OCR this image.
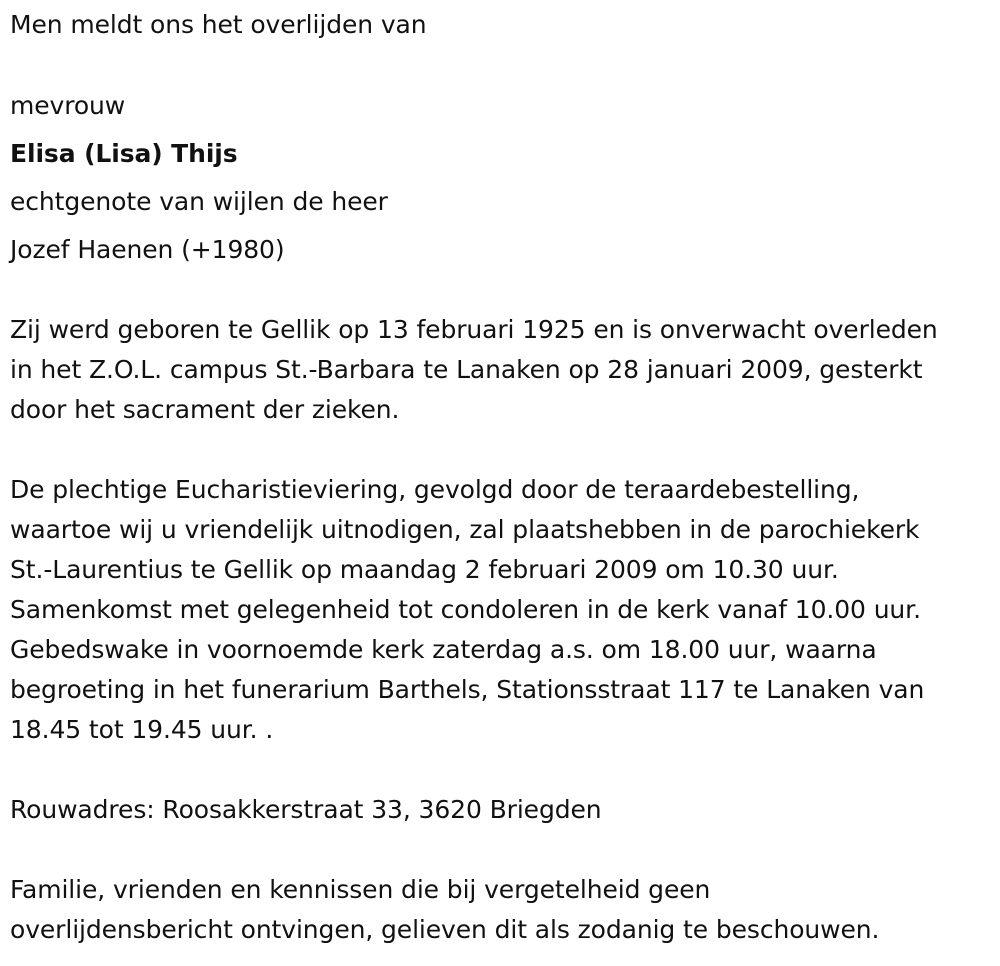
Men meldt ons het overlijden van
mevrouw
Elisa (Lisa) Thijs
echtgenote van wijlen de heer
Jozef Haenen (+1980)
Zij werd geboren te Gellik op 13 februari 1925 en is onverwacht overleden
in het Z.O.L. campus St.-Barbara te Lanaken op 28 januari 2009, gesterkt
door het sacrament der zieken.
De plechtige Eucharistieviering, gevolgd door de teraardebestelling,
waartoe wij u vriendelijk uitnodigen, zal plaatshebben in de parochiekerk
St.-Laurentius te Gellik op maandag 2 februari 2009 om 10.30 uur.
Samenkomst met gelegenheid tot condoleren in de kerk vanaf 10.00 uur.
Gebedswake in voornoemde kerk zaterdag a.s. om 18.00 uur, waarna
begroeting in het funerarium Barthels, Stationsstraat 117 te Lanaken van
18.45 tot 19.45 uur. .
Rouwadres: Roosakkerstraat 33, 3620 Briegden
Familie, vrienden en kennissen die bij vergetelheid geen
overlijdensbericht ontvingen, gelieven dit als zodanig te beschouwen.
